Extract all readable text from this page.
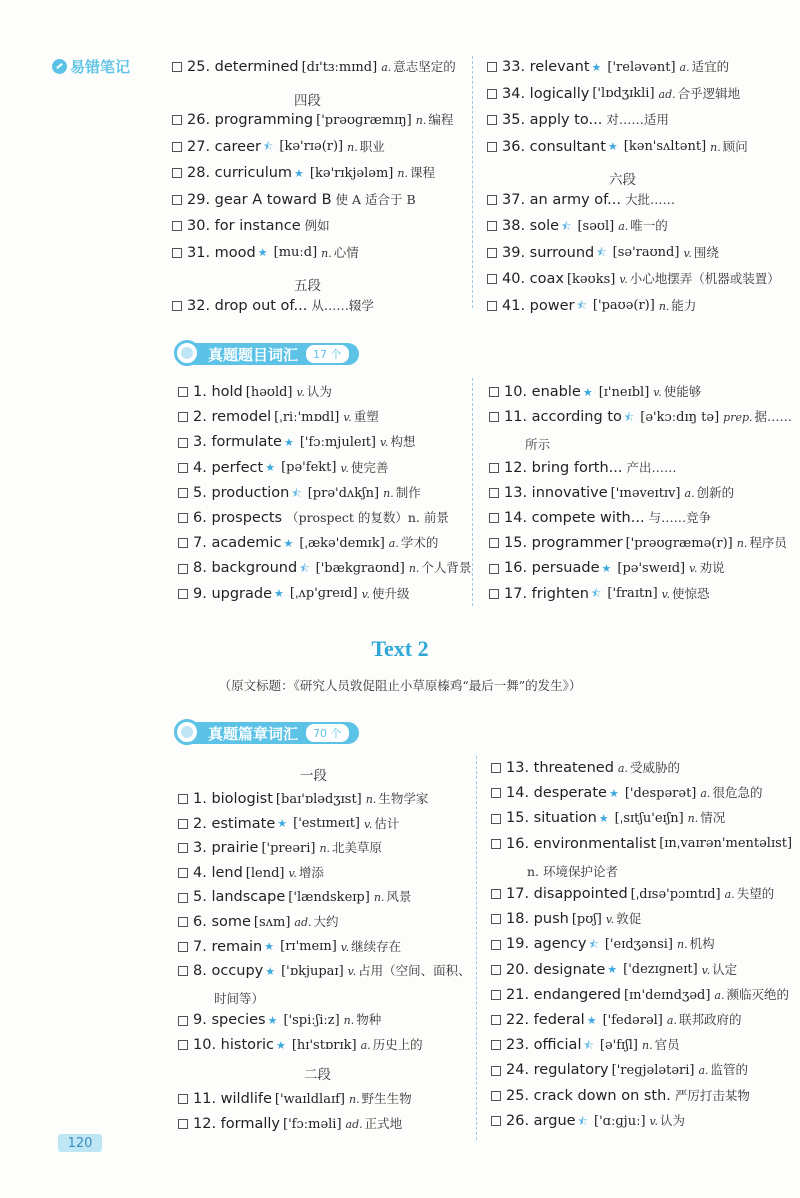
易错笔记	25. determined [dɪ'tɜːmɪnd] a. 意志坚定的
四段
26. programming ['prəʊɡræmɪŋ] n. 编程
27. career ⯪ [kə'rɪə(r)] n. 职业
28. curriculum ★ [kə'rɪkjələm] n. 课程
29. gear A toward B 使 A 适合于 B
30. for instance 例如
31. mood ★ [muːd] n. 心情
五段
32. drop out of... 从……辍学
33. relevant ★ ['reləvənt] a. 适宜的
34. logically ['lɒdʒɪkli] ad. 合乎逻辑地
35. apply to... 对……适用
36. consultant ★ [kən'sʌltənt] n. 顾问
六段
37. an army of... 大批……
38. sole ⯪ [səʊl] a. 唯一的
39. surround ⯪ [sə'raʊnd] v. 围绕
40. coax [kəʊks] v. 小心地摆弄（机器或装置）
41. power ⯪ ['paʊə(r)] n. 能力
真题题目词汇	17 个
1. hold [həʊld] v. 认为
2. remodel [ˌriː'mɒdl] v. 重塑
3. formulate ★ ['fɔːmjuleɪt] v. 构想
4. perfect ★ [pə'fekt] v. 使完善
5. production ⯪ [prə'dʌkʃn] n. 制作
6. prospects （prospect 的复数）n. 前景
7. academic ★ [ˌækə'demɪk] a. 学术的
8. background ⯪ ['bækɡraʊnd] n. 个人背景
9. upgrade ★ [ˌʌp'ɡreɪd] v. 使升级
10. enable ★ [ɪ'neɪbl] v. 使能够
11. according to ⯪ [ə'kɔːdɪŋ tə] prep. 据……
所示
12. bring forth... 产出……
13. innovative ['ɪnəveɪtɪv] a. 创新的
14. compete with... 与……竞争
15. programmer ['prəʊɡræmə(r)] n. 程序员
16. persuade ★ [pə'sweɪd] v. 劝说
17. frighten ⯪ ['fraɪtn] v. 使惊恐
Text 2
（原文标题：《研究人员敦促阻止小草原榛鸡“最后一舞”的发生》）
真题篇章词汇	70 个
一段
1. biologist [baɪ'ɒlədʒɪst] n. 生物学家
2. estimate ★ ['estɪmeɪt] v. 估计
3. prairie ['preəri] n. 北美草原
4. lend [lend] v. 增添
5. landscape ['lændskeɪp] n. 风景
6. some [sʌm] ad. 大约
7. remain ★ [rɪ'meɪn] v. 继续存在
8. occupy ★ ['ɒkjupaɪ] v. 占用（空间、面积、
时间等）
9. species ★ ['spiːʃiːz] n. 物种
10. historic ★ [hɪ'stɒrɪk] a. 历史上的
二段
11. wildlife ['waɪldlaɪf] n. 野生生物
12. formally ['fɔːməli] ad. 正式地
13. threatened a. 受威胁的
14. desperate ★ ['despərət] a. 很危急的
15. situation ★ [ˌsɪtʃu'eɪʃn] n. 情况
16. environmentalist [ɪnˌvaɪrən'mentəlɪst]
n. 环境保护论者
17. disappointed [ˌdɪsə'pɔɪntɪd] a. 失望的
18. push [pʊʃ] v. 敦促
19. agency ⯪ ['eɪdʒənsi] n. 机构
20. designate ★ ['dezɪɡneɪt] v. 认定
21. endangered [ɪn'deɪndʒəd] a. 濒临灭绝的
22. federal ★ ['fedərəl] a. 联邦政府的
23. official ⯪ [ə'fɪʃl] n. 官员
24. regulatory ['reɡjələtəri] a. 监管的
25. crack down on sth. 严厉打击某物
26. argue ⯪ ['ɑːɡjuː] v. 认为
120
